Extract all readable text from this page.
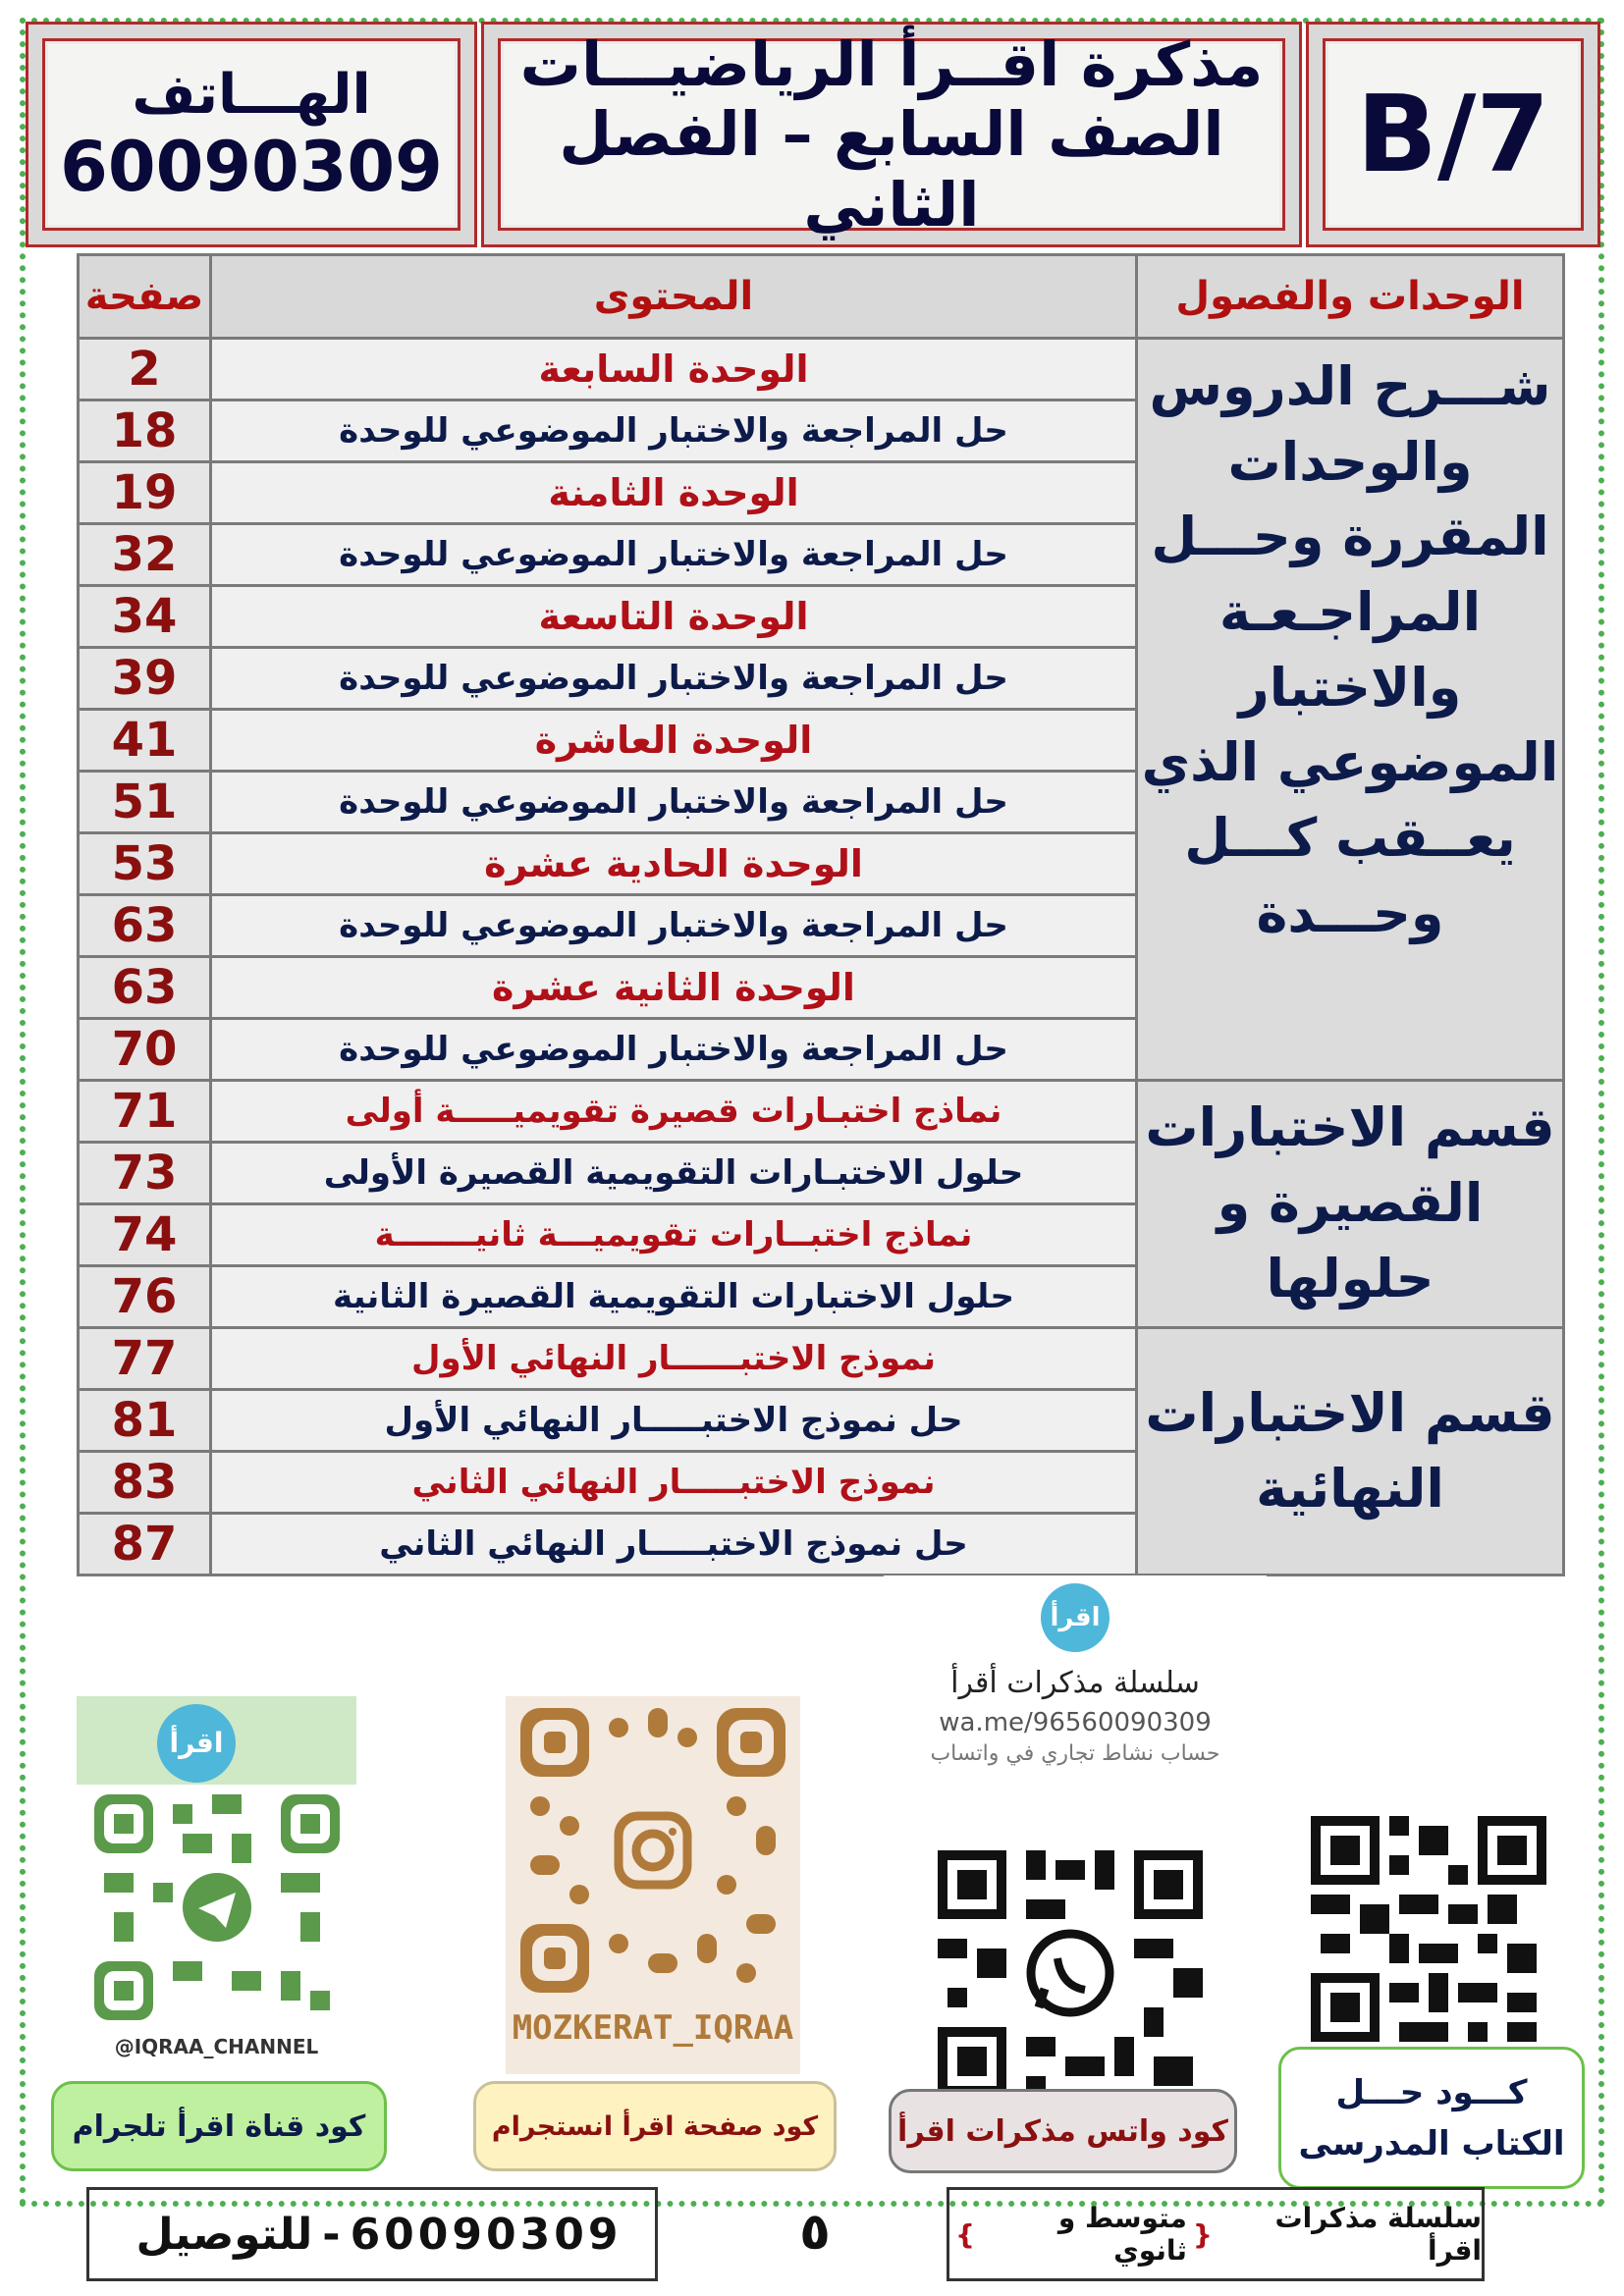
B/7
مذكرة اقــرأ الرياضيـــات
الصف السابع – الفصل الثاني
الهـــاتف
60090309
الوحدات والفصول	المحتوى	صفحة
شـــرح الدروس والوحدات المقررة وحـــل المراجـعـة والاختبار الموضوعي الذي يعــقب كـــل وحـــدة	الوحدة السابعة	2
	حل المراجعة والاختبار الموضوعي للوحدة	18
	الوحدة الثامنة	19
	حل المراجعة والاختبار الموضوعي للوحدة	32
	الوحدة التاسعة	34
	حل المراجعة والاختبار الموضوعي للوحدة	39
	الوحدة العاشرة	41
	حل المراجعة والاختبار الموضوعي للوحدة	51
	الوحدة الحادية عشرة	53
	حل المراجعة والاختبار الموضوعي للوحدة	63
	الوحدة الثانية عشرة	63
	حل المراجعة والاختبار الموضوعي للوحدة	70
قسم الاختبارات القصيرة و حلولها	نماذج اختبـارات قصيرة تقويميـــــة أولى	71
	حلول الاختبـارات التقويمية القصيرة الأولى	73
	نماذج اختبــارات تقويميـــة ثانيـــــــة	74
	حلول الاختبارات التقويمية القصيرة الثانية	76
قسم الاختبارات النهائية	نموذج الاختبــــــار النهائي الأول	77
	حل نموذج الاختبـــــار النهائي الأول	81
	نموذج الاختبـــــار النهائي الثاني	83
	حل نموذج الاختبـــــار النهائي الثاني	87
اقرأ
سلسلة مذكرات أقرأ
wa.me/96560090309
حساب نشاط تجاري في واتساب
اقرأ
@IQRAA_CHANNEL	MOZKERAT_IQRAA
كود قناة اقرأ تلجرام	كود صفحة اقرأ انستجرام	كود واتس مذكرات اقرأ
كـــود حـــل
الكتاب المدرسى
للتوصيل - 60090309	٥	سلسلة مذكرات اقرأ
{
متوسط و ثانوي
}
